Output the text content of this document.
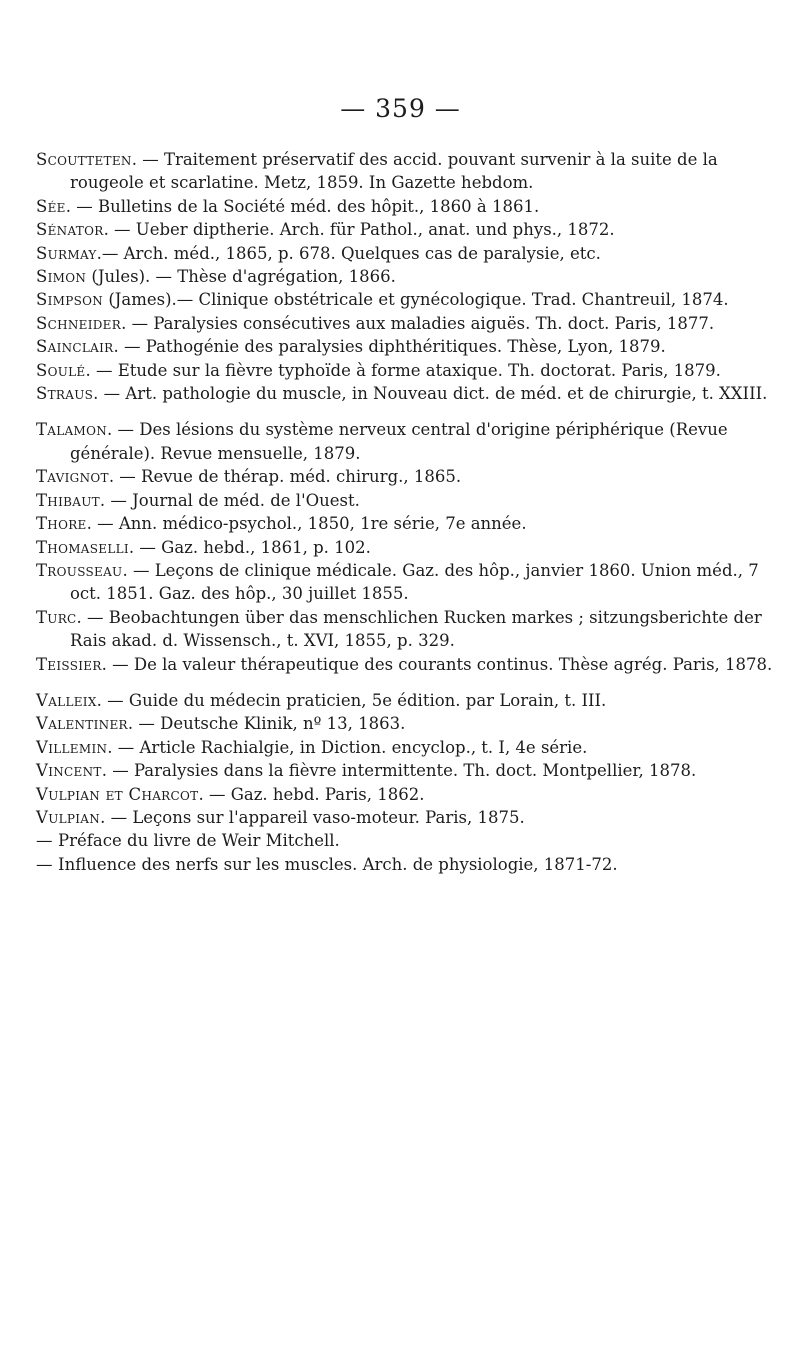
— 359 —

Scoutteten. — Traitement préservatif des accid. pouvant survenir à la suite de la rougeole et scarlatine. Metz, 1859. In Gazette hebdom.

Sée. — Bulletins de la Société méd. des hôpit., 1860 à 1861.

Sénator. — Ueber diptherie. Arch. für Pathol., anat. und phys., 1872.

Surmay.— Arch. méd., 1865, p. 678. Quelques cas de paralysie, etc.

Simon (Jules). — Thèse d'agrégation, 1866.

Simpson (James).— Clinique obstétricale et gynécologique. Trad. Chantreuil, 1874.

Schneider. — Paralysies consécutives aux maladies aiguës. Th. doct. Paris, 1877.

Sainclair. — Pathogénie des paralysies diphthéritiques. Thèse, Lyon, 1879.

Soulé. — Etude sur la fièvre typhoïde à forme ataxique. Th. doctorat. Paris, 1879.

Straus. — Art. pathologie du muscle, in Nouveau dict. de méd. et de chirurgie, t. XXIII.

Talamon. — Des lésions du système nerveux central d'origine périphérique (Revue générale). Revue mensuelle, 1879.

Tavignot. — Revue de thérap. méd. chirurg., 1865.

Thibaut. — Journal de méd. de l'Ouest.

Thore. — Ann. médico-psychol., 1850, 1re série, 7e année.

Thomaselli. — Gaz. hebd., 1861, p. 102.

Trousseau. — Leçons de clinique médicale. Gaz. des hôp., janvier 1860. Union méd., 7 oct. 1851. Gaz. des hôp., 30 juillet 1855.

Turc. — Beobachtungen über das menschlichen Rucken markes ; sitzungsberichte der Rais akad. d. Wissensch., t. XVI, 1855, p. 329.

Teissier. — De la valeur thérapeutique des courants continus. Thèse agrég. Paris, 1878.

Valleix. — Guide du médecin praticien, 5e édition. par Lorain, t. III.

Valentiner. — Deutsche Klinik, nº 13, 1863.

Villemin. — Article Rachialgie, in Diction. encyclop., t. I, 4e série.

Vincent. — Paralysies dans la fièvre intermittente. Th. doct. Montpellier, 1878.

Vulpian et Charcot. — Gaz. hebd. Paris, 1862.

Vulpian. — Leçons sur l'appareil vaso-moteur. Paris, 1875.

— Préface du livre de Weir Mitchell.

— Influence des nerfs sur les muscles. Arch. de physiologie, 1871-72.
